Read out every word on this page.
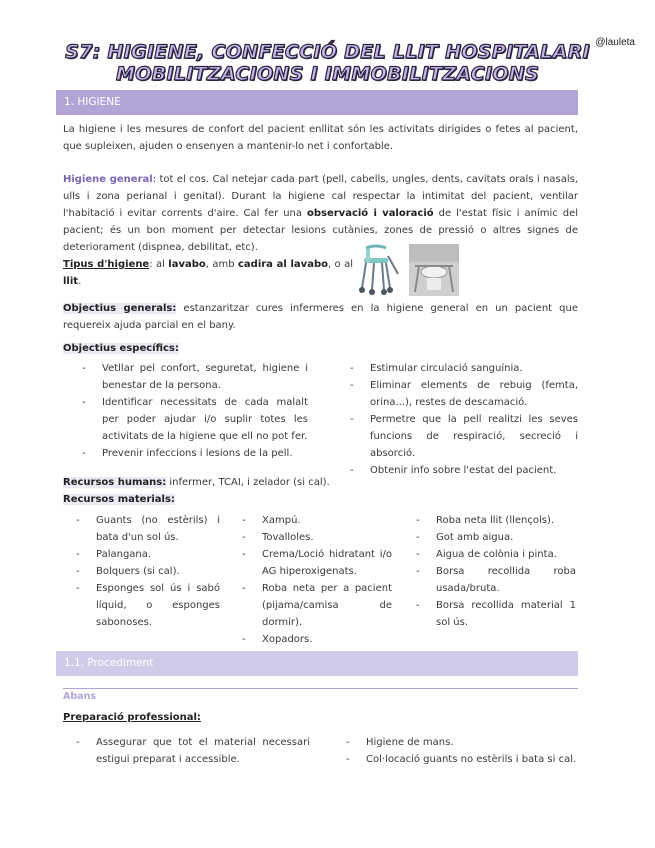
S7: HIGIENE, CONFECCIÓ DEL LLIT HOSPITALARI
MOBILITZACIONS I IMMOBILITZACIONS
@lauleta
1. HIGIENE
La higiene i les mesures de confort del pacient enllitat són les activitats dirigides o fetes al pacient, que supleixen, ajuden o ensenyen a mantenir-lo net i confortable.
Higiene general: tot el cos. Cal netejar cada part (pell, cabells, ungles, dents, cavitats orals i nasals, ulls i zona perianal i genital). Durant la higiene cal respectar la intimitat del pacient, ventilar l'habitació i evitar corrents d'aire. Cal fer una observació i valoració de l'estat físic i anímic del pacient; és un bon moment per detectar lesions cutànies, zones de pressió o altres signes de deteriorament (dispnea, debilitat, etc).
Tipus d'higiene: al lavabo, amb cadira al lavabo, o al llit.
Objectius generals: estanzaritzar cures infermeres en la higiene general en un pacient que requereix ajuda parcial en el bany.
Objectius específics:
- Vetllar pel confort, seguretat, higiene i benestar de la persona.
- Identificar necessitats de cada malalt per poder ajudar i/o suplir totes les activitats de la higiene que ell no pot fer.
- Prevenir infeccions i lesions de la pell.
- Estimular circulació sanguínia.
- Eliminar elements de rebuig (femta, orina...), restes de descamació.
- Permetre que la pell realitzi les seves funcions de respiració, secreció i absorció.
- Obtenir info sobre l'estat del pacient.
Recursos humans: infermer, TCAI, i zelador (si cal).
Recursos materials:
- Guants (no estèrils) i bata d'un sol ús.
- Palangana.
- Bolquers (si cal).
- Esponges sol ús i sabó líquid, o esponges sabonoses.
- Xampú.
- Tovalloles.
- Crema/Loció hidratant i/o AG hiperoxigenats.
- Roba neta per a pacient (pijama/camisa de dormir).
- Xopadors.
- Roba neta llit (llençols).
- Got amb aigua.
- Aigua de colònia i pinta.
- Borsa recollida roba usada/bruta.
- Borsa recollida material 1 sol ús.
1.1. Procediment
Abans
Preparació professional:
- Assegurar que tot el material necessari estigui preparat i accessible.
- Higiene de mans.
- Col·locació guants no estèrils i bata si cal.
